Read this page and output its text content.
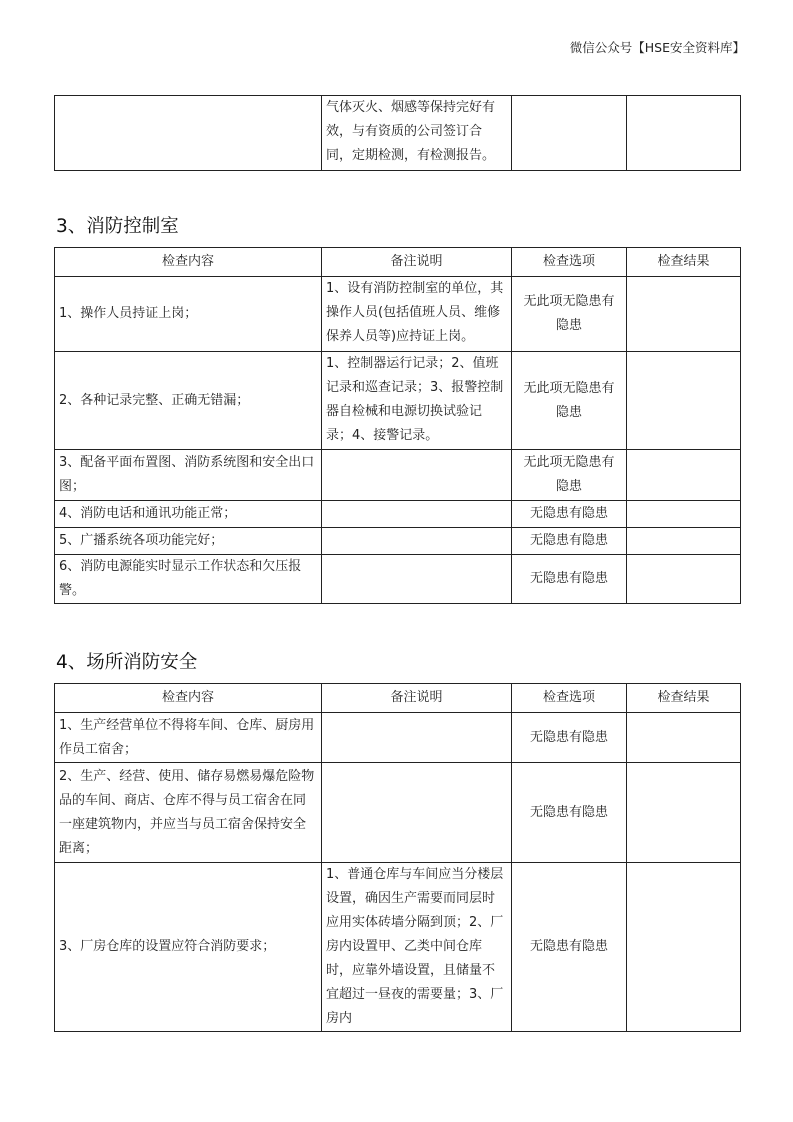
微信公众号【HSE安全资料库】
	气体灭火、烟感等保持完好有效，与有资质的公司签订合同，定期检测，有检测报告。		
3、消防控制室
检查内容	备注说明	检查选项	检查结果
1、操作人员持证上岗；	1、设有消防控制室的单位，其操作人员(包括值班人员、维修保养人员等)应持证上岗。	无此项无隐患有隐患	
2、各种记录完整、正确无错漏；	1、控制器运行记录；2、值班记录和巡查记录；3、报警控制器自检械和电源切换试验记录；4、接警记录。	无此项无隐患有隐患	
3、配备平面布置图、消防系统图和安全出口图；		无此项无隐患有隐患	
4、消防电话和通讯功能正常；		无隐患有隐患	
5、广播系统各项功能完好；		无隐患有隐患	
6、消防电源能实时显示工作状态和欠压报警。		无隐患有隐患	
4、场所消防安全
检查内容	备注说明	检查选项	检查结果
1、生产经营单位不得将车间、仓库、厨房用作员工宿舍；		无隐患有隐患	
2、生产、经营、使用、储存易燃易爆危险物品的车间、商店、仓库不得与员工宿舍在同一座建筑物内，并应当与员工宿舍保持安全距离；		无隐患有隐患	
3、厂房仓库的设置应符合消防要求；	1、普通仓库与车间应当分楼层设置，确因生产需要而同层时应用实体砖墙分隔到顶；2、厂房内设置甲、乙类中间仓库时，应靠外墙设置，且储量不宜超过一昼夜的需要量；3、厂房内	无隐患有隐患	
